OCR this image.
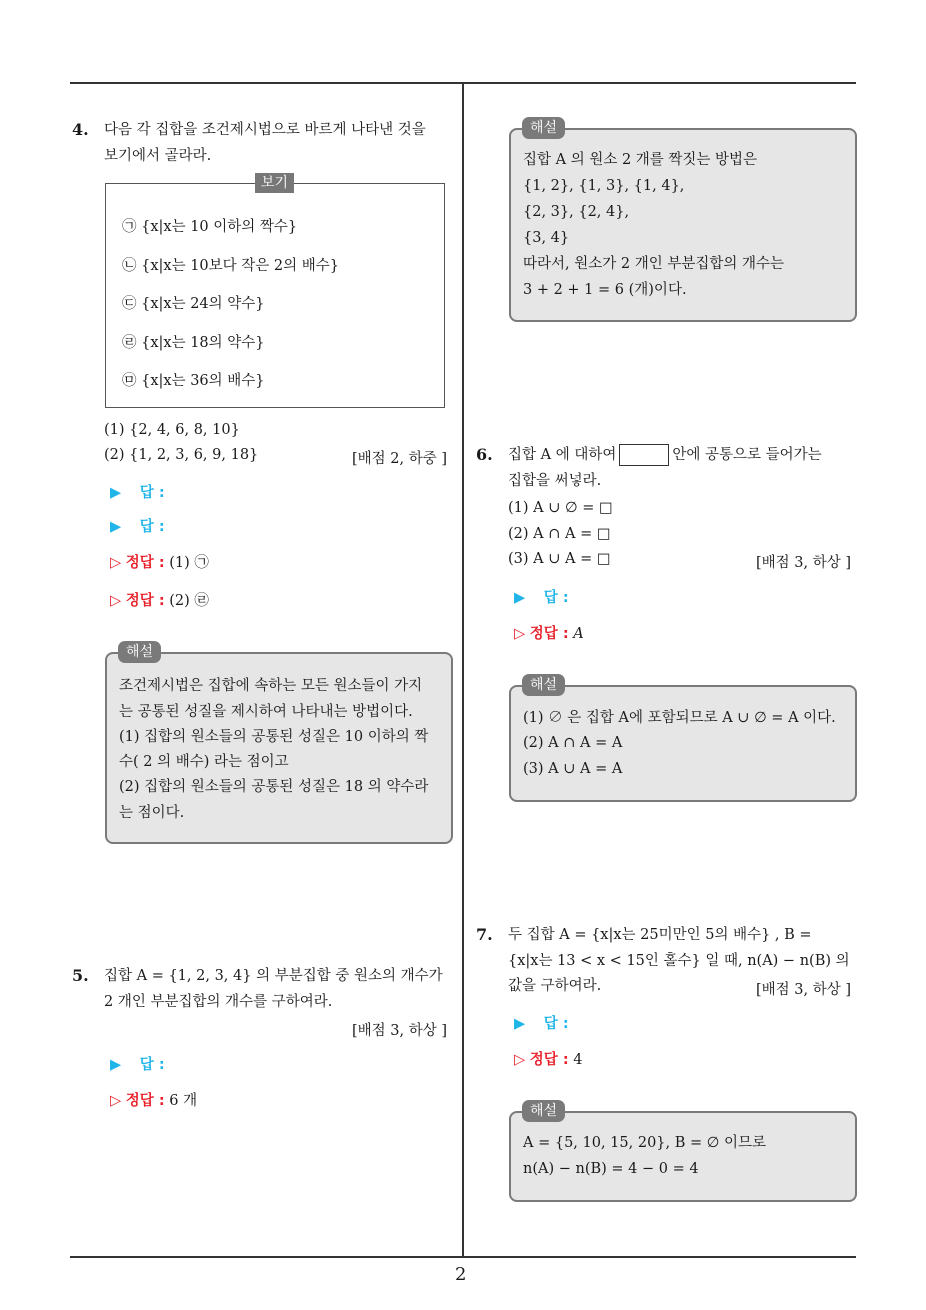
2
4. 다음 각 집합을 조건제시법으로 바르게 나타낸 것을
보기에서 골라라.
보기
㉠ {x|x는 10 이하의 짝수}
㉡ {x|x는 10보다 작은 2의 배수}
㉢ {x|x는 24의 약수}
㉣ {x|x는 18의 약수}
㉤ {x|x는 36의 배수}
(1) {2, 4, 6, 8, 10}
(2) {1, 2, 3, 6, 9, 18}	[배점 2, 하중 ]
▶ 답 :
▶ 답 :
▷ 정답 : (1) ㉠
▷ 정답 : (2) ㉣
해설
조건제시법은 집합에 속하는 모든 원소들이 가지
는 공통된 성질을 제시하여 나타내는 방법이다.
(1) 집합의 원소들의 공통된 성질은 10 이하의 짝
수( 2 의 배수) 라는 점이고
(2) 집합의 원소들의 공통된 성질은 18 의 약수라
는 점이다.
5. 집합 A = {1, 2, 3, 4} 의 부분집합 중 원소의 개수가
2 개인 부분집합의 개수를 구하여라.
[배점 3, 하상 ]
▶ 답 :
▷ 정답 : 6 개
해설
집합 A 의 원소 2 개를 짝짓는 방법은
{1, 2}, {1, 3}, {1, 4},
{2, 3}, {2, 4},
{3, 4}
따라서, 원소가 2 개인 부분집합의 개수는
3 + 2 + 1 = 6 (개)이다.
6. 집합 A 에 대하여	안에 공통으로 들어가는
집합을 써넣라.
(1) A ∪ ∅ = □
(2) A ∩ A = □
(3) A ∪ A = □	[배점 3, 하상 ]
▶ 답 :
▷ 정답 : A
해설
(1) ∅ 은 집합 A에 포함되므로 A ∪ ∅ = A 이다.
(2) A ∩ A = A
(3) A ∪ A = A
7. 두 집합 A = {x|x는 25미만인 5의 배수} , B =
{x|x는 13 < x < 15인 홀수} 일 때, n(A) − n(B) 의
값을 구하여라.	[배점 3, 하상 ]
▶ 답 :
▷ 정답 : 4
해설
A = {5, 10, 15, 20}, B = ∅ 이므로
n(A) − n(B) = 4 − 0 = 4
